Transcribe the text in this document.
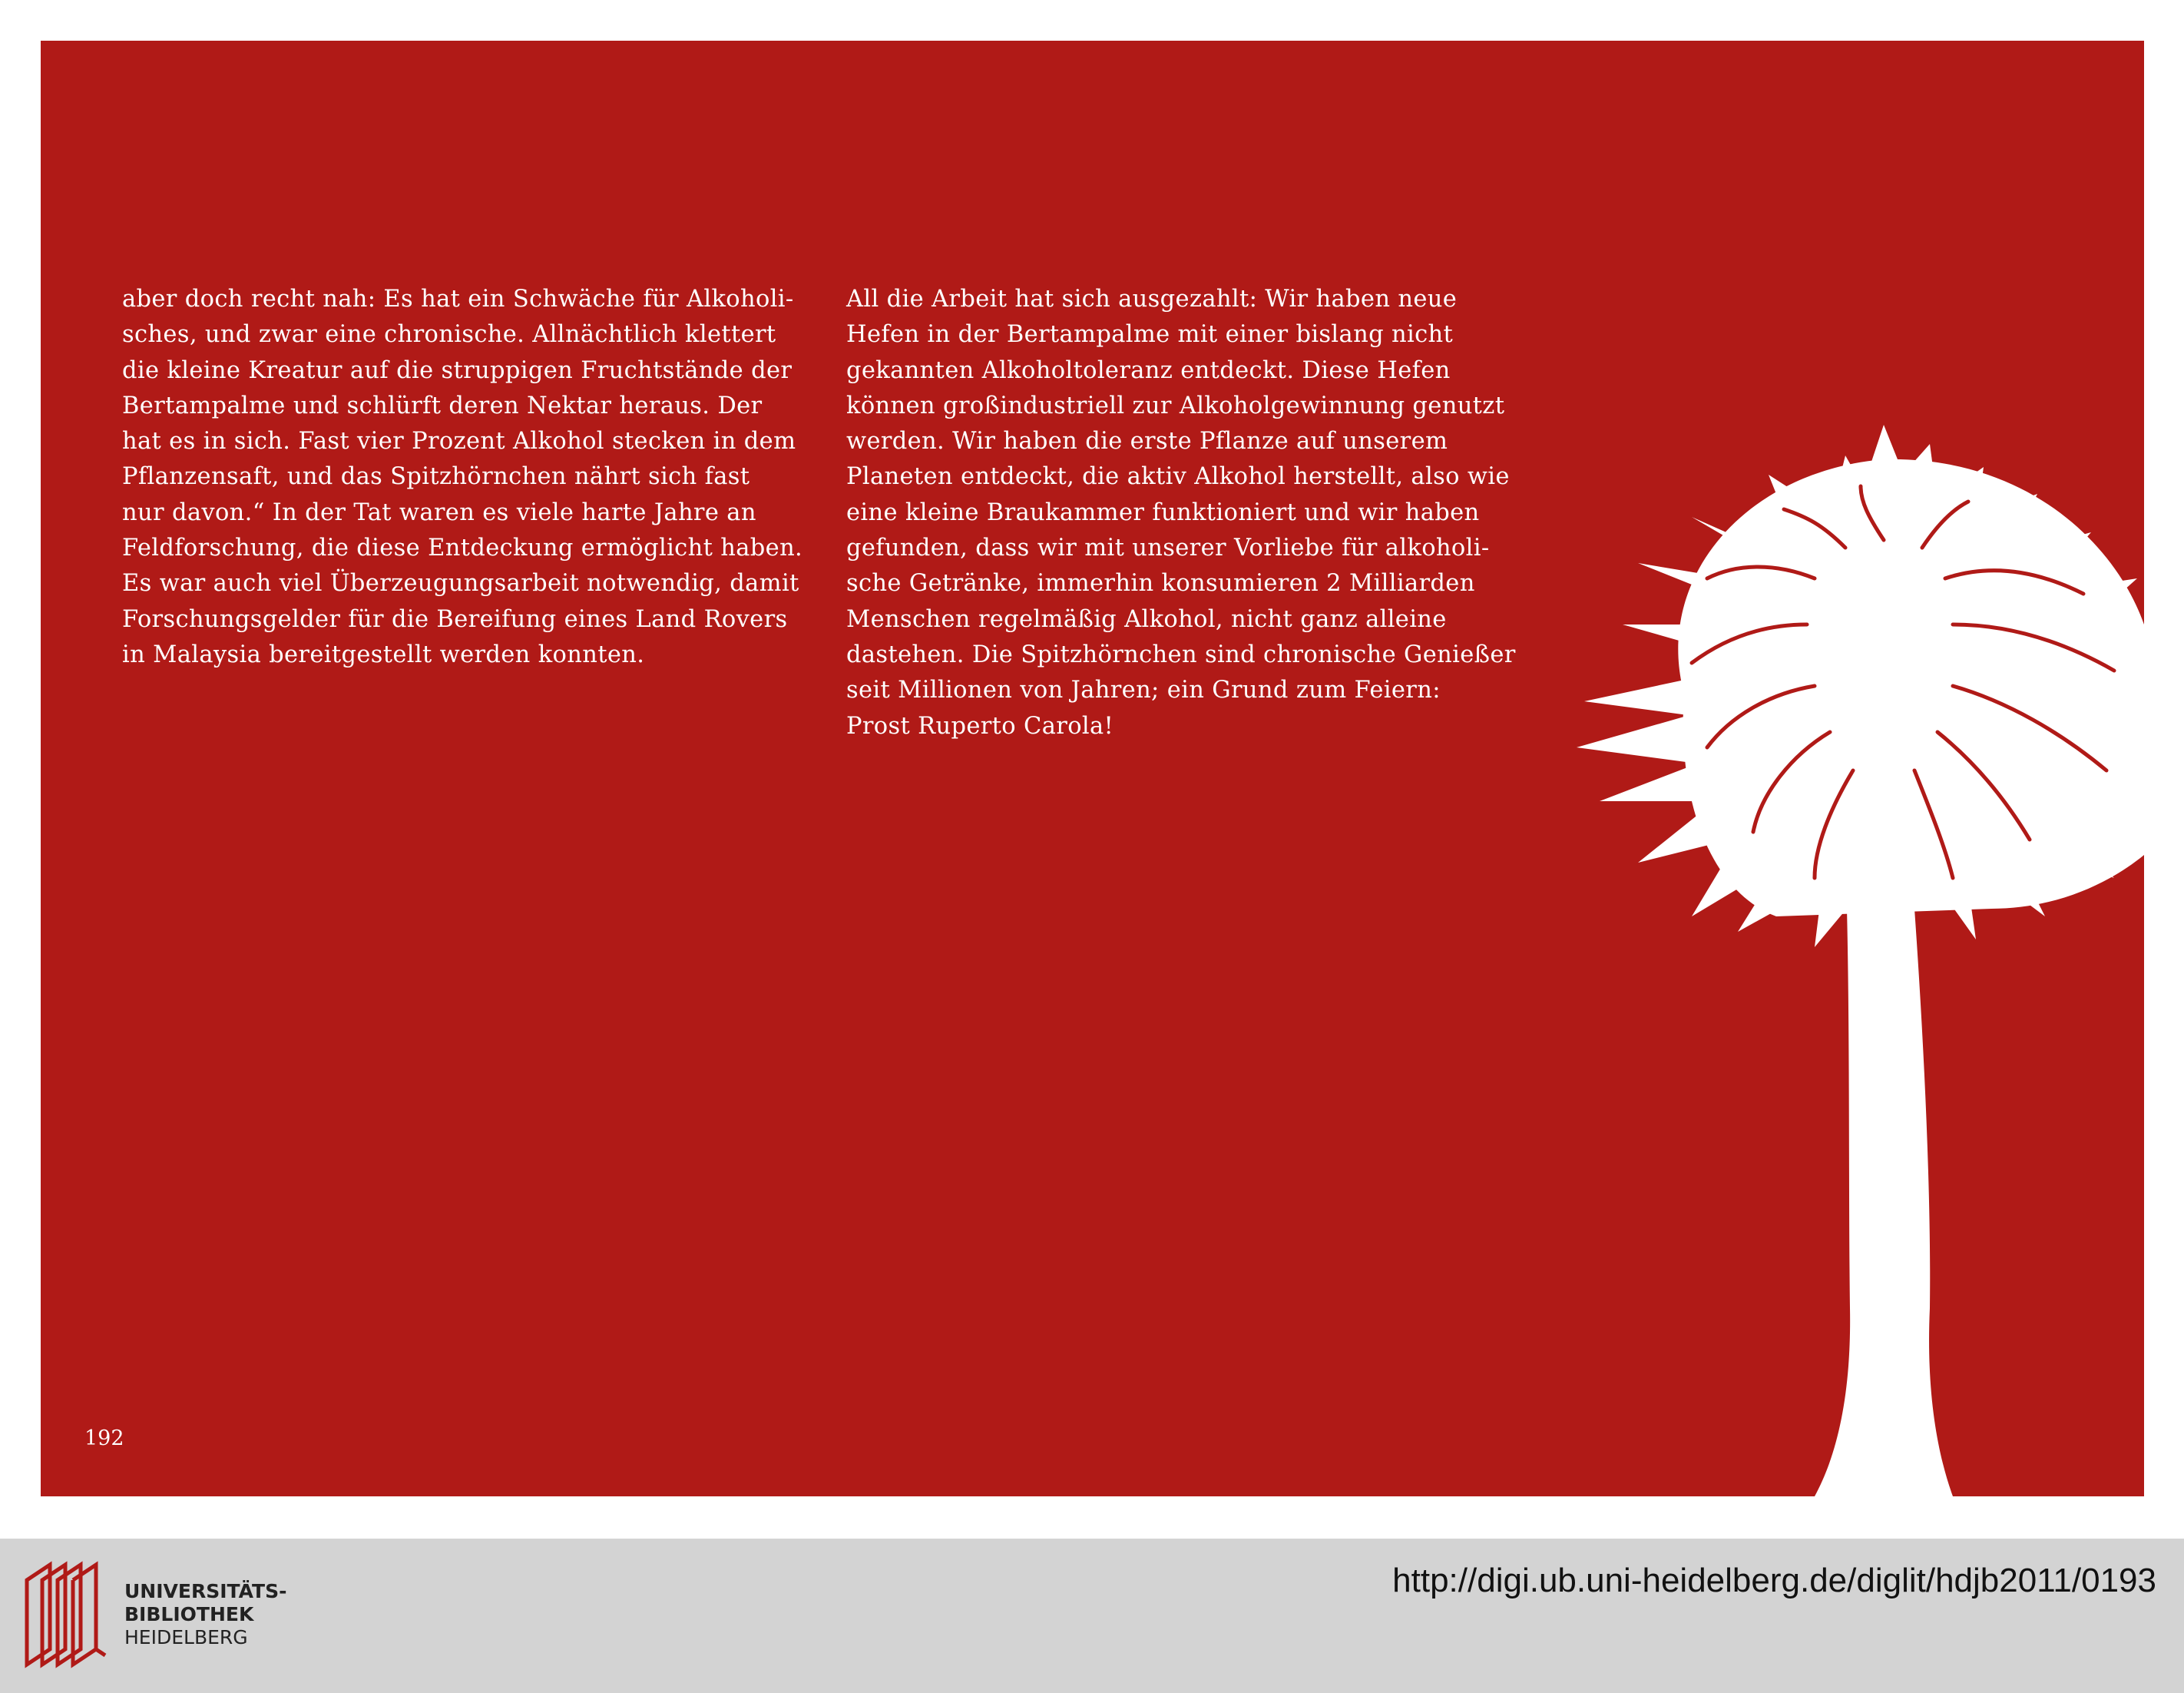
aber doch recht nah: Es hat ein Schwäche für Alkoholi-
sches, und zwar eine chronische. Allnächtlich klettert
die kleine Kreatur auf die struppigen Fruchtstände der
Bertampalme und schlürft deren Nektar heraus. Der
hat es in sich. Fast vier Prozent Alkohol stecken in dem
Pflanzensaft, und das Spitzhörnchen nährt sich fast
nur davon.“ In der Tat waren es viele harte Jahre an
Feldforschung, die diese Entdeckung ermöglicht haben.
Es war auch viel Überzeugungsarbeit notwendig, damit
Forschungsgelder für die Bereifung eines Land Rovers
in Malaysia bereitgestellt werden konnten.
All die Arbeit hat sich ausgezahlt: Wir haben neue
Hefen in der Bertampalme mit einer bislang nicht
gekannten Alkoholtoleranz entdeckt. Diese Hefen
können großindustriell zur Alkoholgewinnung genutzt
werden. Wir haben die erste Pflanze auf unserem
Planeten entdeckt, die aktiv Alkohol herstellt, also wie
eine kleine Braukammer funktioniert und wir haben
gefunden, dass wir mit unserer Vorliebe für alkoholi-
sche Getränke, immerhin konsumieren 2 Milliarden
Menschen regelmäßig Alkohol, nicht ganz alleine
dastehen. Die Spitzhörnchen sind chronische Genießer
seit Millionen von Jahren; ein Grund zum Feiern:
Prost Ruperto Carola!
192
UNIVERSITÄTS-
BIBLIOTHEK
HEIDELBERG
http://digi.ub.uni-heidelberg.de/diglit/hdjb2011/0193
